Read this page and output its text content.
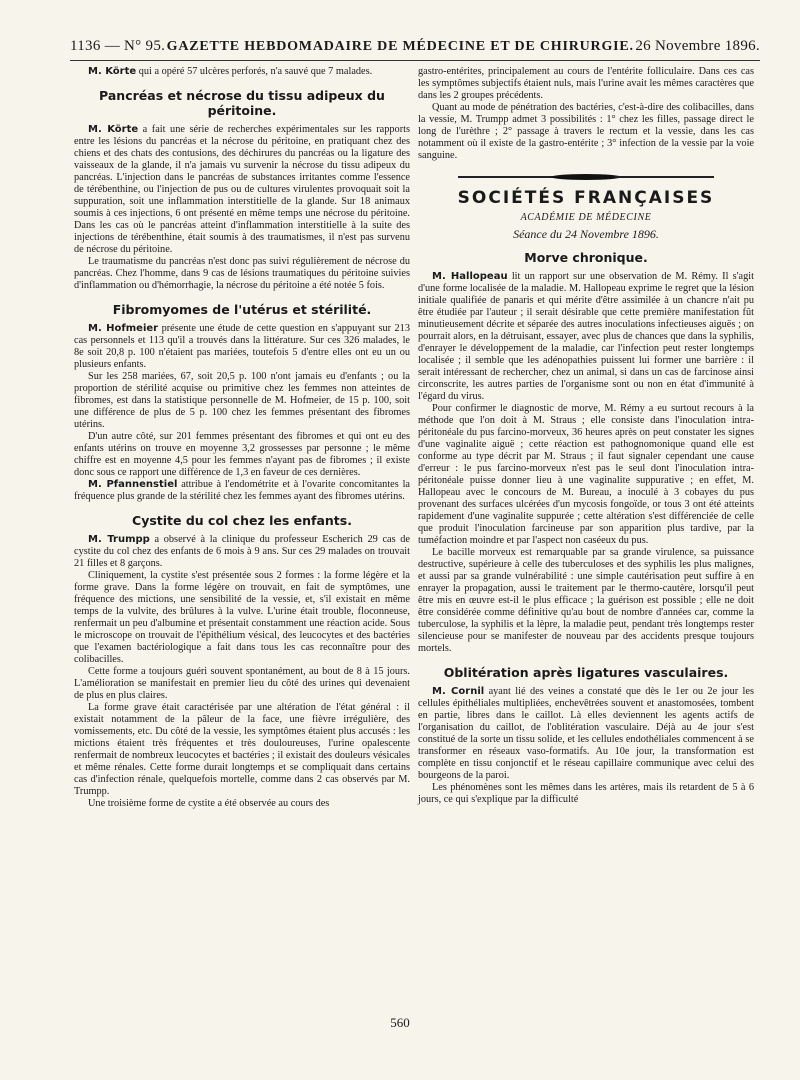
1136 — N° 95. GAZETTE HEBDOMADAIRE DE MÉDECINE ET DE CHIRURGIE. 26 Novembre 1896.

M. Körte qui a opéré 57 ulcères perforés, n'a sauvé que 7 malades.

Pancréas et nécrose du tissu adipeux du péritoine.

M. Körte a fait une série de recherches expérimentales sur les rapports entre les lésions du pancréas et la nécrose du péritoine, en pratiquant chez des chiens et des chats des contusions, des déchirures du pancréas ou la ligature des vaisseaux de la glande, il n'a jamais vu survenir la nécrose du tissu adipeux du pancréas. L'injection dans le pancréas de substances irritantes comme l'essence de térébenthine, ou l'injection de pus ou de cultures virulentes provoquait soit la suppuration, soit une inflammation interstitielle de la glande. Sur 18 animaux soumis à ces injections, 6 ont présenté en même temps une nécrose du péritoine. Dans les cas où le pancréas atteint d'inflammation interstitielle à la suite des injections de térébenthine, était soumis à des traumatismes, il n'est pas survenu de nécrose du péritoine.

Le traumatisme du pancréas n'est donc pas suivi régulièrement de nécrose du pancréas. Chez l'homme, dans 9 cas de lésions traumatiques du péritoine suivies d'inflammation ou d'hémorrhagie, la nécrose du péritoine a été notée 5 fois.

Fibromyomes de l'utérus et stérilité.

M. Hofmeier présente une étude de cette question en s'appuyant sur 213 cas personnels et 113 qu'il a trouvés dans la littérature. Sur ces 326 malades, le 8e soit 20,8 p. 100 n'étaient pas mariées, toutefois 5 d'entre elles ont eu un ou plusieurs enfants.

Sur les 258 mariées, 67, soit 20,5 p. 100 n'ont jamais eu d'enfants ; ou la proportion de stérilité acquise ou primitive chez les femmes non atteintes de fibromes, est dans la statistique personnelle de M. Hofmeier, de 15 p. 100, soit une différence de plus de 5 p. 100 chez les femmes présentant des fibromes utérins.

D'un autre côté, sur 201 femmes présentant des fibromes et qui ont eu des enfants utérins on trouve en moyenne 3,2 grossesses par personne ; le même chiffre est en moyenne 4,5 pour les femmes n'ayant pas de fibromes ; il existe donc sous ce rapport une différence de 1,3 en faveur de ces dernières.

M. Pfannenstiel attribue à l'endométrite et à l'ovarite concomitantes la fréquence plus grande de la stérilité chez les femmes ayant des fibromes utérins.

Cystite du col chez les enfants.

M. Trumpp a observé à la clinique du professeur Escherich 29 cas de cystite du col chez des enfants de 6 mois à 9 ans. Sur ces 29 malades on trouvait 21 filles et 8 garçons.

Cliniquement, la cystite s'est présentée sous 2 formes : la forme légère et la forme grave. Dans la forme légère on trouvait, en fait de symptômes, une fréquence des mictions, une sensibilité de la vessie, et, s'il existait en même temps de la vulvite, des brûlures à la vulve. L'urine était trouble, floconneuse, renfermait un peu d'albumine et présentait constamment une réaction acide. Sous le microscope on trouvait de l'épithélium vésical, des leucocytes et des bactéries que l'examen bactériologique a fait dans tous les cas reconnaître pour des colibacilles.

Cette forme a toujours guéri souvent spontanément, au bout de 8 à 15 jours. L'amélioration se manifestait en premier lieu du côté des urines qui devenaient de plus en plus claires.

La forme grave était caractérisée par une altération de l'état général : il existait notamment de la pâleur de la face, une fièvre irrégulière, des vomissements, etc. Du côté de la vessie, les symptômes étaient plus accusés : les mictions étaient très fréquentes et très douloureuses, l'urine opalescente renfermait de nombreux leucocytes et bactéries ; il existait des douleurs vésicales et même rénales. Cette forme durait longtemps et se compliquait dans certains cas d'infection rénale, quelquefois mortelle, comme dans 2 cas observés par M. Trumpp.

Une troisième forme de cystite a été observée au cours des

gastro-entérites, principalement au cours de l'entérite folliculaire. Dans ces cas les symptômes subjectifs étaient nuls, mais l'urine avait les mêmes caractères que dans les 2 groupes précédents.

Quant au mode de pénétration des bactéries, c'est-à-dire des colibacilles, dans la vessie, M. Trumpp admet 3 possibilités : 1° chez les filles, passage direct le long de l'urèthre ; 2° passage à travers le rectum et la vessie, dans les cas notamment où il existe de la gastro-entérite ; 3° infection de la vessie par la voie sanguine.

SOCIÉTÉS FRANÇAISES
ACADÉMIE DE MÉDECINE
Séance du 24 Novembre 1896.
Morve chronique.

M. Hallopeau lit un rapport sur une observation de M. Rémy. Il s'agit d'une forme localisée de la maladie. M. Hallopeau exprime le regret que la lésion initiale qualifiée de panaris et qui mérite d'être assimilée à un chancre n'ait pu être étudiée par l'auteur ; il serait désirable que cette première manifestation fût minutieusement décrite et séparée des autres inoculations infectieuses aiguës ; on pourrait alors, en la détruisant, essayer, avec plus de chances que dans la syphilis, d'enrayer le développement de la maladie, car l'infection peut rester longtemps localisée ; il semble que les adénopathies puissent lui former une barrière : il serait intéressant de rechercher, chez un animal, si dans un cas de farcinose ainsi circonscrite, les autres parties de l'organisme sont ou non en état d'immunité à l'égard du virus.

Pour confirmer le diagnostic de morve, M. Rémy a eu surtout recours à la méthode que l'on doit à M. Straus ; elle consiste dans l'inoculation intra-péritonéale du pus farcino-morveux, 36 heures après on peut constater les signes d'une vaginalite aiguë ; cette réaction est pathognomonique quand elle est conforme au type décrit par M. Straus ; il faut signaler cependant une cause d'erreur : le pus farcino-morveux n'est pas le seul dont l'inoculation intra-péritonéale puisse donner lieu à une vaginalite suppurative ; en effet, M. Hallopeau avec le concours de M. Bureau, a inoculé à 3 cobayes du pus provenant des surfaces ulcérées d'un mycosis fongoïde, or tous 3 ont été atteints rapidement d'une vaginalite suppurée ; cette altération s'est différenciée de celle que produit l'inoculation farcineuse par son apparition plus tardive, par la tuméfaction moindre et par l'aspect non caséeux du pus.

Le bacille morveux est remarquable par sa grande virulence, sa puissance destructive, supérieure à celle des tuberculoses et des syphilis les plus malignes, et aussi par sa grande vulnérabilité : une simple cautérisation peut suffire à en enrayer la propagation, aussi le traitement par le thermo-cautère, lorsqu'il peut être mis en œuvre est-il le plus efficace ; la guérison est possible ; elle ne doit être considérée comme définitive qu'au bout de nombre d'années car, comme la tuberculose, la syphilis et la lèpre, la maladie peut, pendant très longtemps rester silencieuse pour se manifester de nouveau par des accidents presque toujours mortels.

Oblitération après ligatures vasculaires.

M. Cornil ayant lié des veines a constaté que dès le 1er ou 2e jour les cellules épithéliales multipliées, enchevêtrées souvent et anastomosées, tombent en partie, libres dans le caillot. Là elles deviennent les agents actifs de l'organisation du caillot, de l'oblitération vasculaire. Déjà au 4e jour s'est constitué de la sorte un tissu solide, et les cellules endothéliales commencent à se transformer en réseaux vaso-formatifs. Au 10e jour, la transformation est complète en tissu conjonctif et le réseau capillaire communique avec celui des bourgeons de la paroi.

Les phénomènes sont les mêmes dans les artères, mais ils retardent de 5 à 6 jours, ce qui s'explique par la difficulté

560
